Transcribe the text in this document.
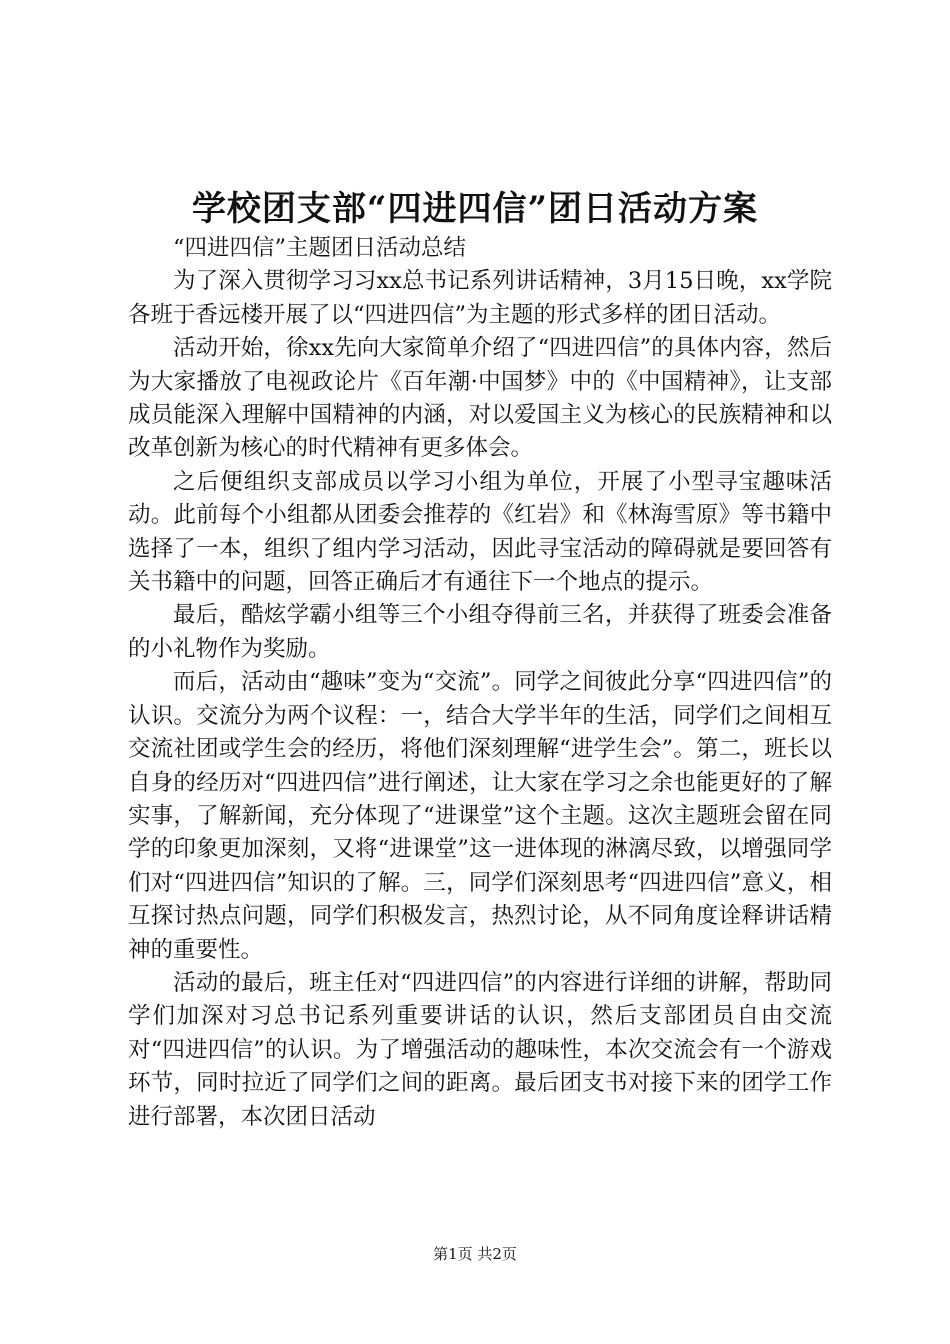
学校团支部“四进四信”团日活动方案

“四进四信”主题团日活动总结

为了深入贯彻学习习xx总书记系列讲话精神，3月15日晚，xx学院各班于香远楼开展了以“四进四信”为主题的形式多样的团日活动。

活动开始，徐xx先向大家简单介绍了“四进四信”的具体内容，然后为大家播放了电视政论片《百年潮·中国梦》中的《中国精神》，让支部成员能深入理解中国精神的内涵，对以爱国主义为核心的民族精神和以改革创新为核心的时代精神有更多体会。

之后便组织支部成员以学习小组为单位，开展了小型寻宝趣味活动。此前每个小组都从团委会推荐的《红岩》和《林海雪原》等书籍中选择了一本，组织了组内学习活动，因此寻宝活动的障碍就是要回答有关书籍中的问题，回答正确后才有通往下一个地点的提示。

最后，酷炫学霸小组等三个小组夺得前三名，并获得了班委会准备的小礼物作为奖励。

而后，活动由“趣味”变为“交流”。同学之间彼此分享“四进四信”的认识。交流分为两个议程：一，结合大学半年的生活，同学们之间相互交流社团或学生会的经历，将他们深刻理解“进学生会”。第二，班长以自身的经历对“四进四信”进行阐述，让大家在学习之余也能更好的了解实事，了解新闻，充分体现了“进课堂”这个主题。这次主题班会留在同学的印象更加深刻，又将“进课堂”这一进体现的淋漓尽致，以增强同学们对“四进四信”知识的了解。三，同学们深刻思考“四进四信”意义，相互探讨热点问题，同学们积极发言，热烈讨论，从不同角度诠释讲话精神的重要性。

活动的最后，班主任对“四进四信”的内容进行详细的讲解，帮助同学们加深对习总书记系列重要讲话的认识，然后支部团员自由交流对“四进四信”的认识。为了增强活动的趣味性，本次交流会有一个游戏环节，同时拉近了同学们之间的距离。最后团支书对接下来的团学工作进行部署，本次团日活动

第1页 共2页
